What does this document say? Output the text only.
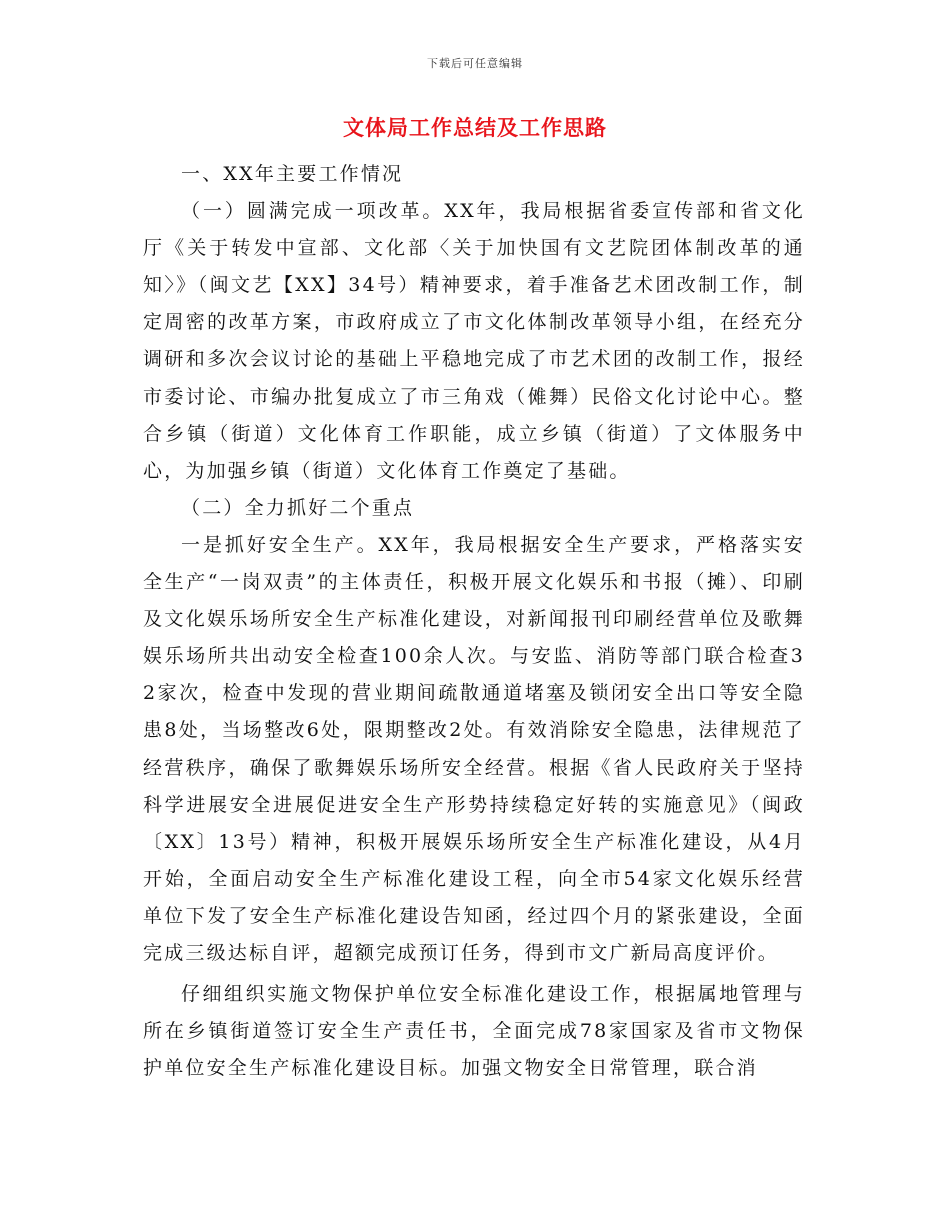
下载后可任意编辑
文体局工作总结及工作思路

一、XX年主要工作情况

（一）圆满完成一项改革。XX年，我局根据省委宣传部和省文化厅《关于转发中宣部、文化部〈关于加快国有文艺院团体制改革的通知〉》（闽文艺【XX】34号）精神要求，着手准备艺术团改制工作，制定周密的改革方案，市政府成立了市文化体制改革领导小组，在经充分调研和多次会议讨论的基础上平稳地完成了市艺术团的改制工作，报经市委讨论、市编办批复成立了市三角戏（傩舞）民俗文化讨论中心。整合乡镇（街道）文化体育工作职能，成立乡镇（街道）了文体服务中心，为加强乡镇（街道）文化体育工作奠定了基础。

（二）全力抓好二个重点

一是抓好安全生产。XX年，我局根据安全生产要求，严格落实安全生产“一岗双责”的主体责任，积极开展文化娱乐和书报（摊）、印刷及文化娱乐场所安全生产标准化建设，对新闻报刊印刷经营单位及歌舞娱乐场所共出动安全检查100余人次。与安监、消防等部门联合检查32家次，检查中发现的营业期间疏散通道堵塞及锁闭安全出口等安全隐患8处，当场整改6处，限期整改2处。有效消除安全隐患，法律规范了经营秩序，确保了歌舞娱乐场所安全经营。根据《省人民政府关于坚持科学进展安全进展促进安全生产形势持续稳定好转的实施意见》（闽政〔XX〕13号）精神，积极开展娱乐场所安全生产标准化建设，从4月开始，全面启动安全生产标准化建设工程，向全市54家文化娱乐经营单位下发了安全生产标准化建设告知函，经过四个月的紧张建设，全面完成三级达标自评，超额完成预订任务，得到市文广新局高度评价。

仔细组织实施文物保护单位安全标准化建设工作，根据属地管理与所在乡镇街道签订安全生产责任书，全面完成78家国家及省市文物保护单位安全生产标准化建设目标。加强文物安全日常管理，联合消
